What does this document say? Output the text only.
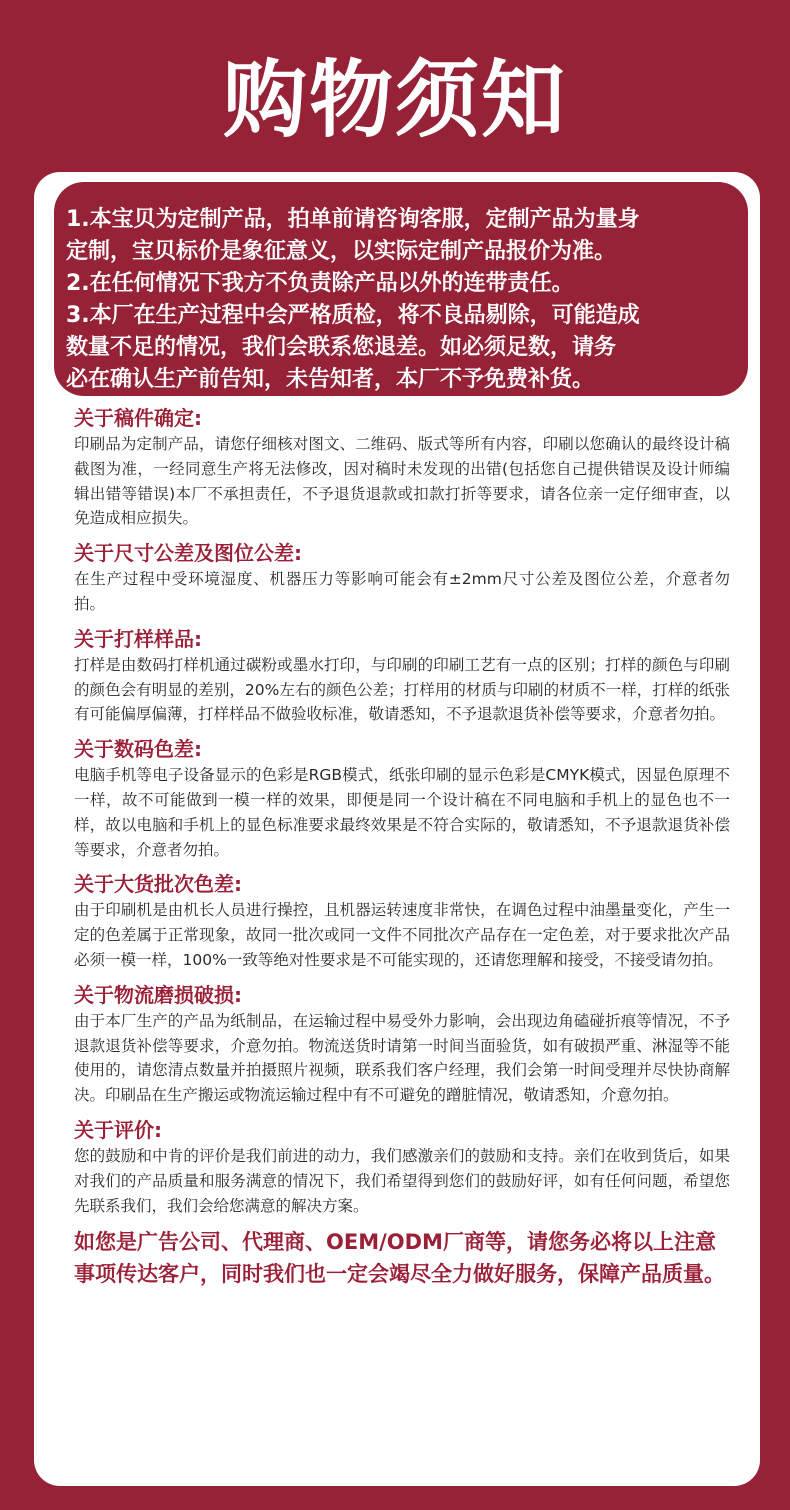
购物须知

1.本宝贝为定制产品，拍单前请咨询客服，定制产品为量身

定制，宝贝标价是象征意义，以实际定制产品报价为准。

2.在任何情况下我方不负责除产品以外的连带责任。

3.本厂在生产过程中会严格质检，将不良品剔除，可能造成

数量不足的情况，我们会联系您退差。如必须足数，请务

必在确认生产前告知，未告知者，本厂不予免费补货。

关于稿件确定:

印刷品为定制产品，请您仔细核对图文、二维码、版式等所有内容，印刷以您确认的最终设计稿截图为准，一经同意生产将无法修改，因对稿时未发现的出错(包括您自己提供错误及设计师编辑出错等错误)本厂不承担责任，不予退货退款或扣款打折等要求，请各位亲一定仔细审查，以免造成相应损失。

关于尺寸公差及图位公差:

在生产过程中受环境湿度、机器压力等影响可能会有±2mm尺寸公差及图位公差，介意者勿拍。

关于打样样品:

打样是由数码打样机通过碳粉或墨水打印，与印刷的印刷工艺有一点的区别；打样的颜色与印刷的颜色会有明显的差别，20%左右的颜色公差；打样用的材质与印刷的材质不一样，打样的纸张有可能偏厚偏薄，打样样品不做验收标准，敬请悉知，不予退款退货补偿等要求，介意者勿拍。

关于数码色差:

电脑手机等电子设备显示的色彩是RGB模式，纸张印刷的显示色彩是CMYK模式，因显色原理不一样，故不可能做到一模一样的效果，即便是同一个设计稿在不同电脑和手机上的显色也不一样，故以电脑和手机上的显色标准要求最终效果是不符合实际的，敬请悉知，不予退款退货补偿等要求，介意者勿拍。

关于大货批次色差:

由于印刷机是由机长人员进行操控，且机器运转速度非常快，在调色过程中油墨量变化，产生一定的色差属于正常现象，故同一批次或同一文件不同批次产品存在一定色差，对于要求批次产品必须一模一样，100%一致等绝对性要求是不可能实现的，还请您理解和接受，不接受请勿拍。

关于物流磨损破损:

由于本厂生产的产品为纸制品，在运输过程中易受外力影响，会出现边角磕碰折痕等情况，不予退款退货补偿等要求，介意勿拍。物流送货时请第一时间当面验货，如有破损严重、淋湿等不能使用的，请您清点数量并拍摄照片视频，联系我们客户经理，我们会第一时间受理并尽快协商解决。印刷品在生产搬运或物流运输过程中有不可避免的蹭脏情况，敬请悉知，介意勿拍。

关于评价:

您的鼓励和中肯的评价是我们前进的动力，我们感激亲们的鼓励和支持。亲们在收到货后，如果对我们的产品质量和服务满意的情况下，我们希望得到您们的鼓励好评，如有任何问题，希望您先联系我们，我们会给您满意的解决方案。

如您是广告公司、代理商、OEM/ODM厂商等，请您务必将以上注意事项传达客户，同时我们也一定会竭尽全力做好服务，保障产品质量。
